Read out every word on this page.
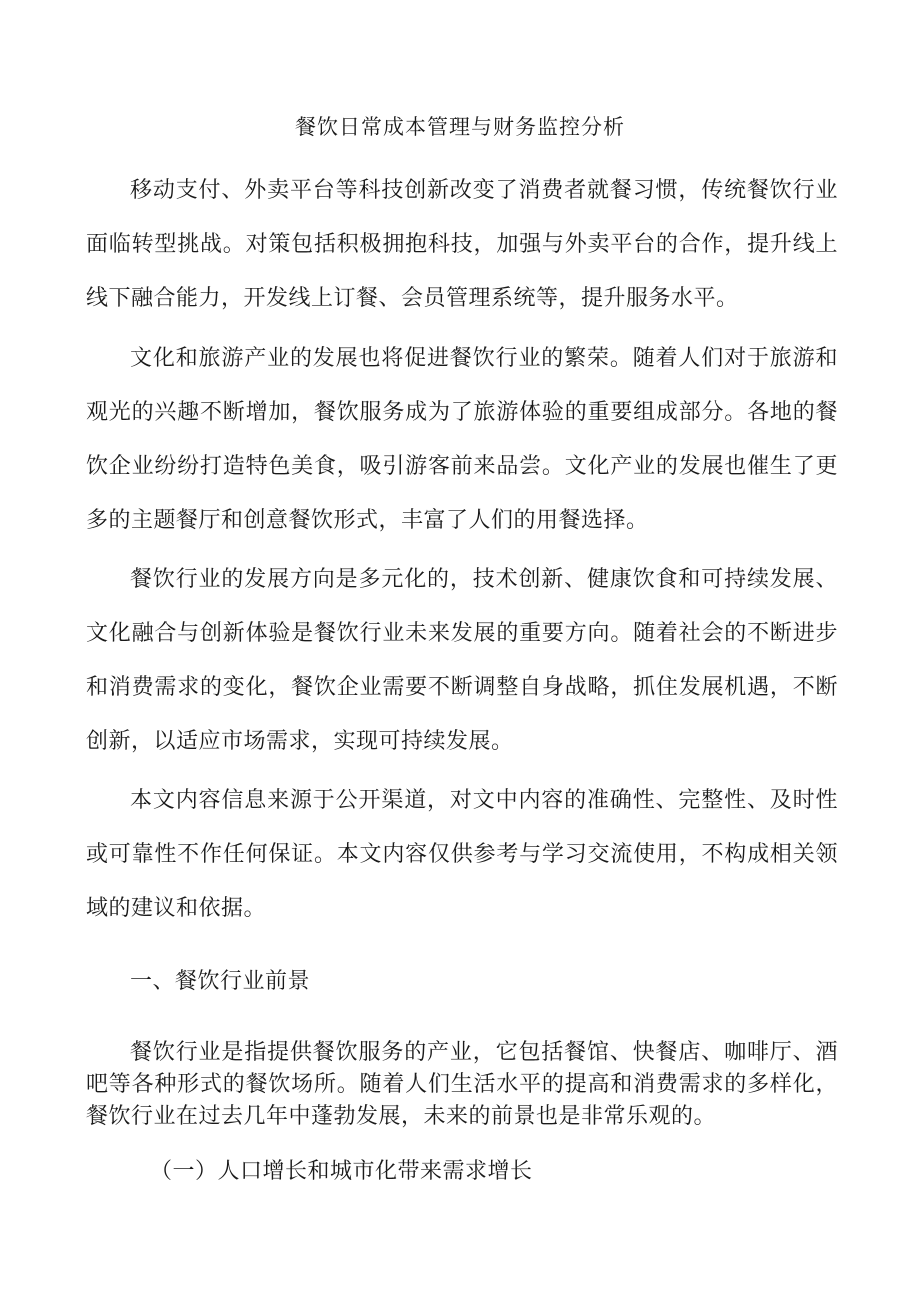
餐饮日常成本管理与财务监控分析

移动支付、外卖平台等科技创新改变了消费者就餐习惯，传统餐饮行业面临转型挑战。对策包括积极拥抱科技，加强与外卖平台的合作，提升线上线下融合能力，开发线上订餐、会员管理系统等，提升服务水平。

文化和旅游产业的发展也将促进餐饮行业的繁荣。随着人们对于旅游和观光的兴趣不断增加，餐饮服务成为了旅游体验的重要组成部分。各地的餐饮企业纷纷打造特色美食，吸引游客前来品尝。文化产业的发展也催生了更多的主题餐厅和创意餐饮形式，丰富了人们的用餐选择。

餐饮行业的发展方向是多元化的，技术创新、健康饮食和可持续发展、文化融合与创新体验是餐饮行业未来发展的重要方向。随着社会的不断进步和消费需求的变化，餐饮企业需要不断调整自身战略，抓住发展机遇，不断创新，以适应市场需求，实现可持续发展。

本文内容信息来源于公开渠道，对文中内容的准确性、完整性、及时性或可靠性不作任何保证。本文内容仅供参考与学习交流使用，不构成相关领域的建议和依据。

一、餐饮行业前景

餐饮行业是指提供餐饮服务的产业，它包括餐馆、快餐店、咖啡厅、酒吧等各种形式的餐饮场所。随着人们生活水平的提高和消费需求的多样化，餐饮行业在过去几年中蓬勃发展，未来的前景也是非常乐观的。

（一）人口增长和城市化带来需求增长
